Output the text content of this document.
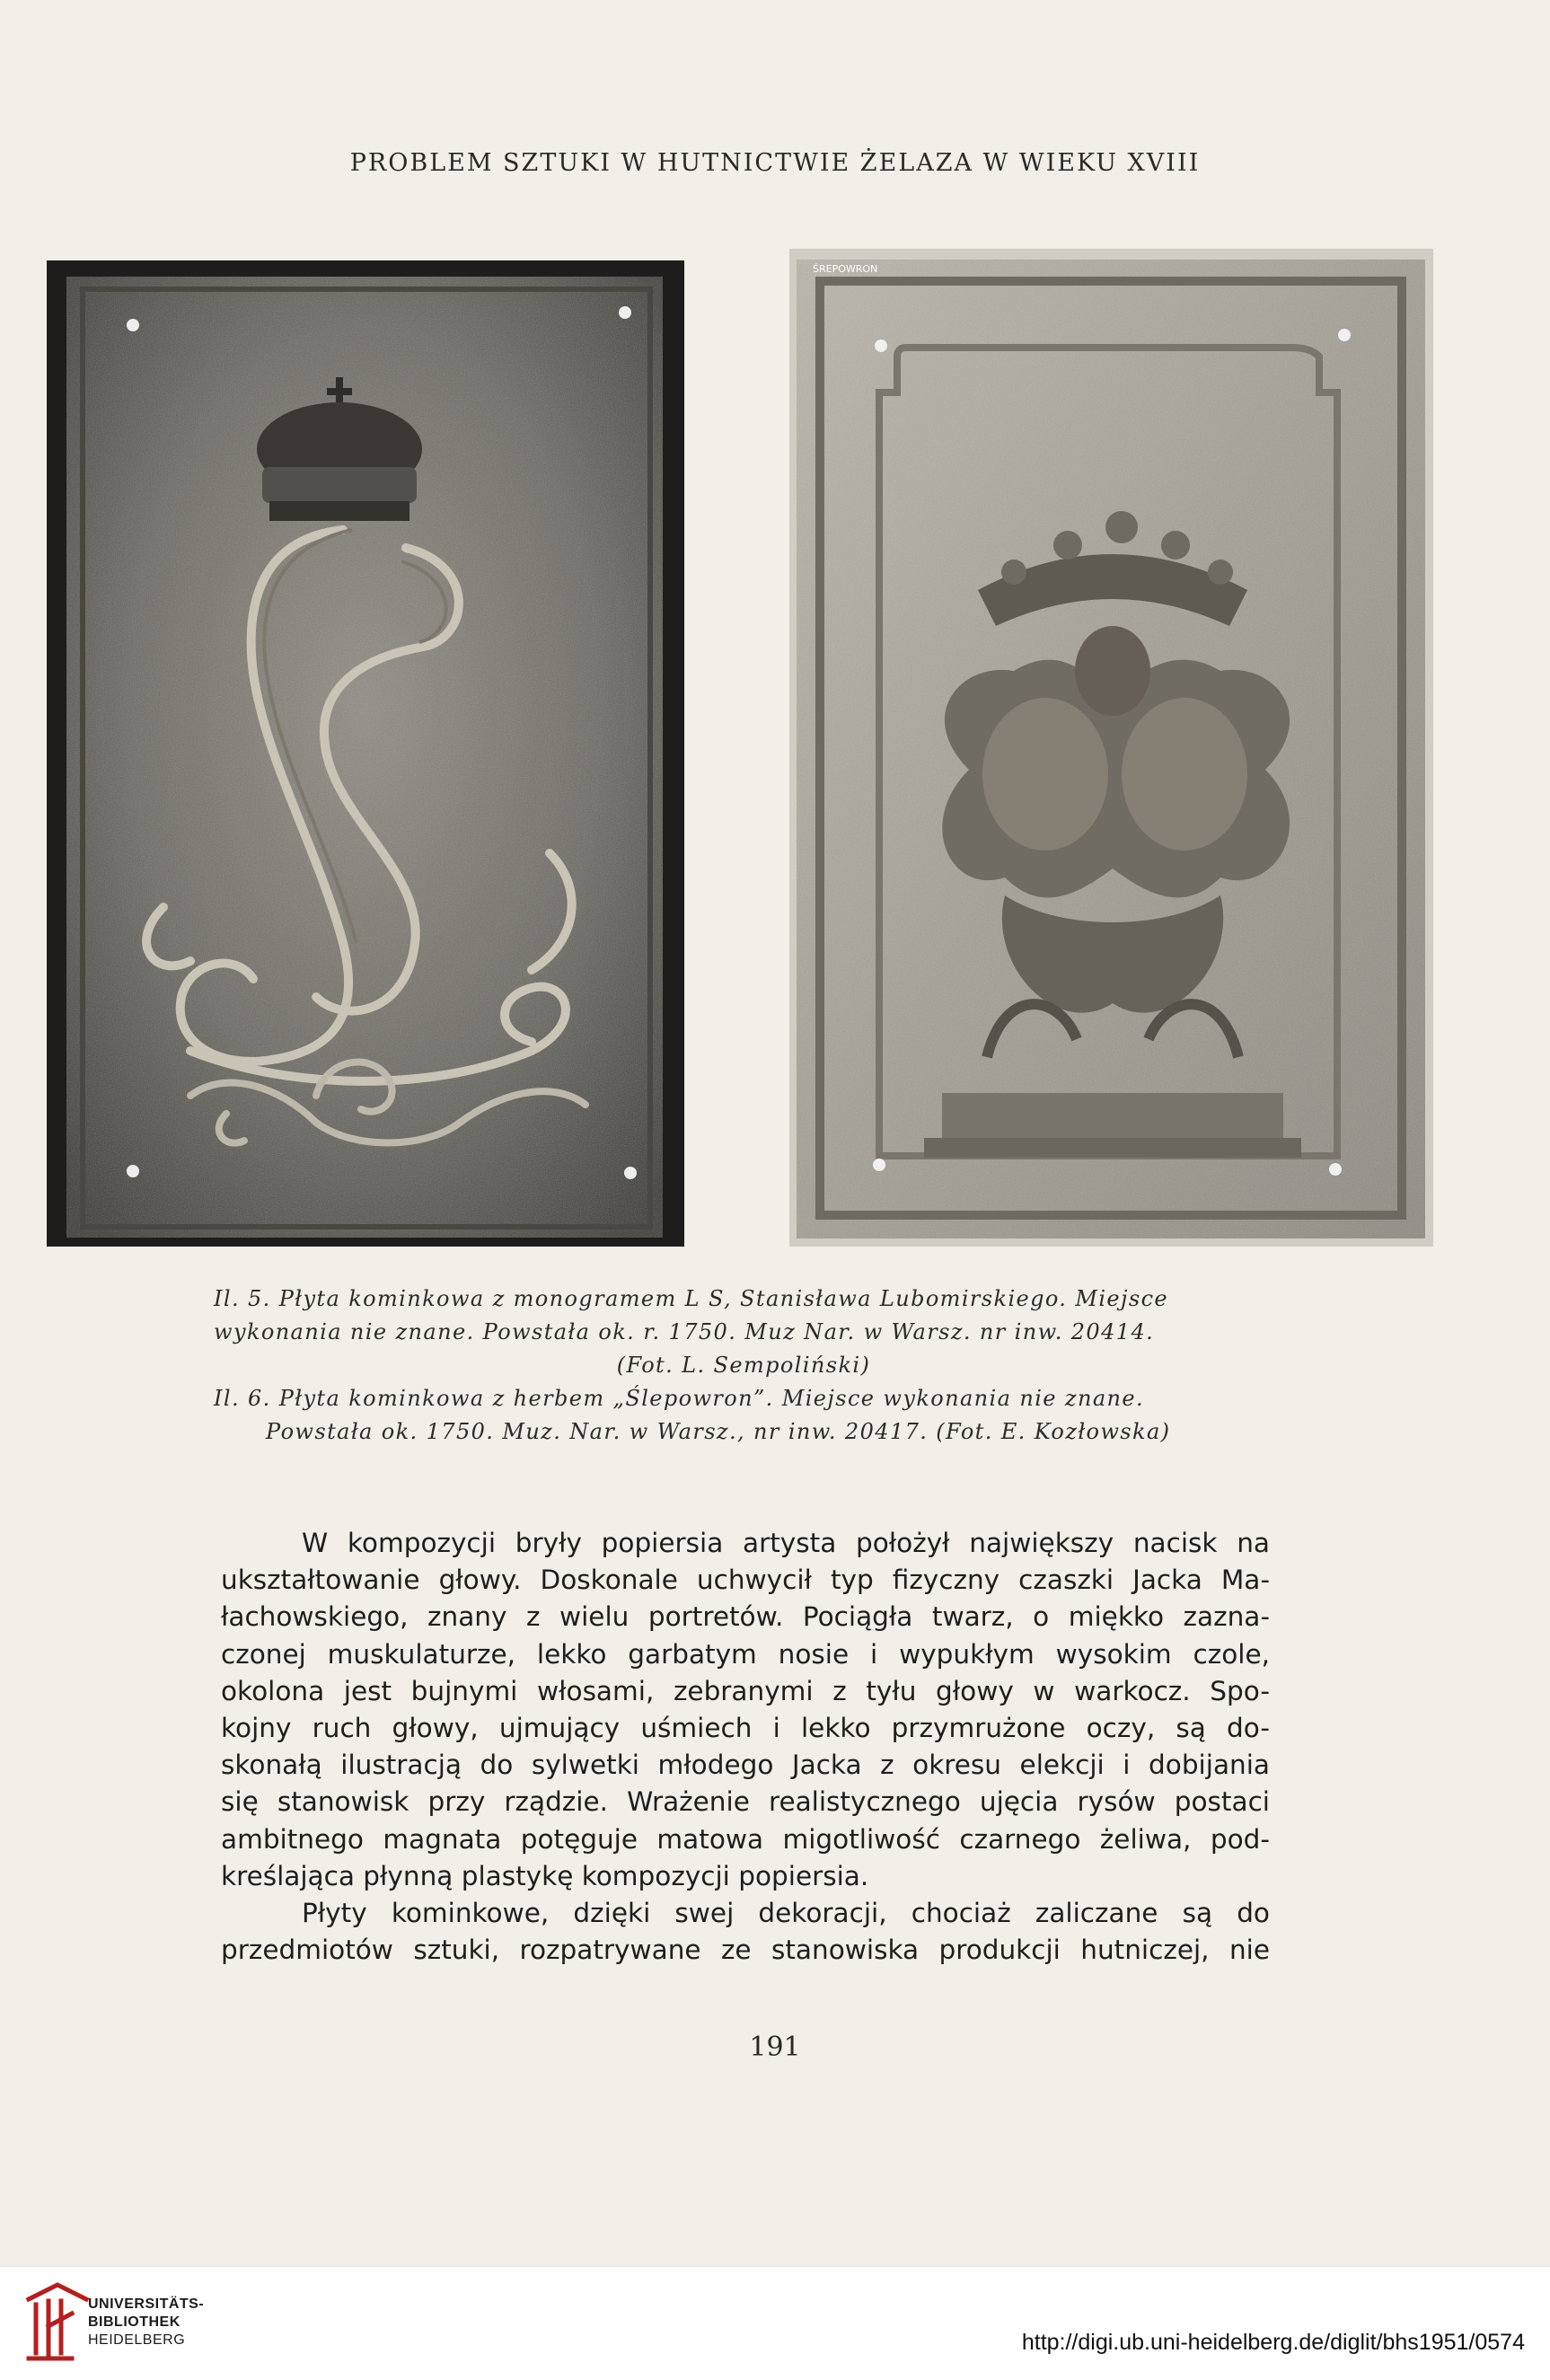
PROBLEM SZTUKI W HUTNICTWIE ŻELAZA W WIEKU XVIII
ŚREPOWRON

Il. 5. Płyta kominkowa z monogramem L S, Stanisława Lubomirskiego. Miejsce

wykonania nie znane. Powstała ok. r. 1750. Muz Nar. w Warsz. nr inw. 20414.

(Fot. L. Sempoliński)

Il. 6. Płyta kominkowa z herbem „Ślepowron”. Miejsce wykonania nie znane.

Powstała ok. 1750. Muz. Nar. w Warsz., nr inw. 20417. (Fot. E. Kozłowska)

W kompozycji bryły popiersia artysta położył największy nacisk na
ukształtowanie głowy. Doskonale uchwycił typ fizyczny czaszki Jacka Ma-
łachowskiego, znany z wielu portretów. Pociągła twarz, o miękko zazna-
czonej muskulaturze, lekko garbatym nosie i wypukłym wysokim czole,
okolona jest bujnymi włosami, zebranymi z tyłu głowy w warkocz. Spo-
kojny ruch głowy, ujmujący uśmiech i lekko przymrużone oczy, są do-
skonałą ilustracją do sylwetki młodego Jacka z okresu elekcji i dobijania
się stanowisk przy rządzie. Wrażenie realistycznego ujęcia rysów postaci
ambitnego magnata potęguje matowa migotliwość czarnego żeliwa, pod-
kreślająca płynną plastykę kompozycji popiersia.
Płyty kominkowe, dzięki swej dekoracji, chociaż zaliczane są do
przedmiotów sztuki, rozpatrywane ze stanowiska produkcji hutniczej, nie
191
UNIVERSITÄTS-
BIBLIOTHEK
HEIDELBERG	http://digi.ub.uni-heidelberg.de/diglit/bhs1951/0574
